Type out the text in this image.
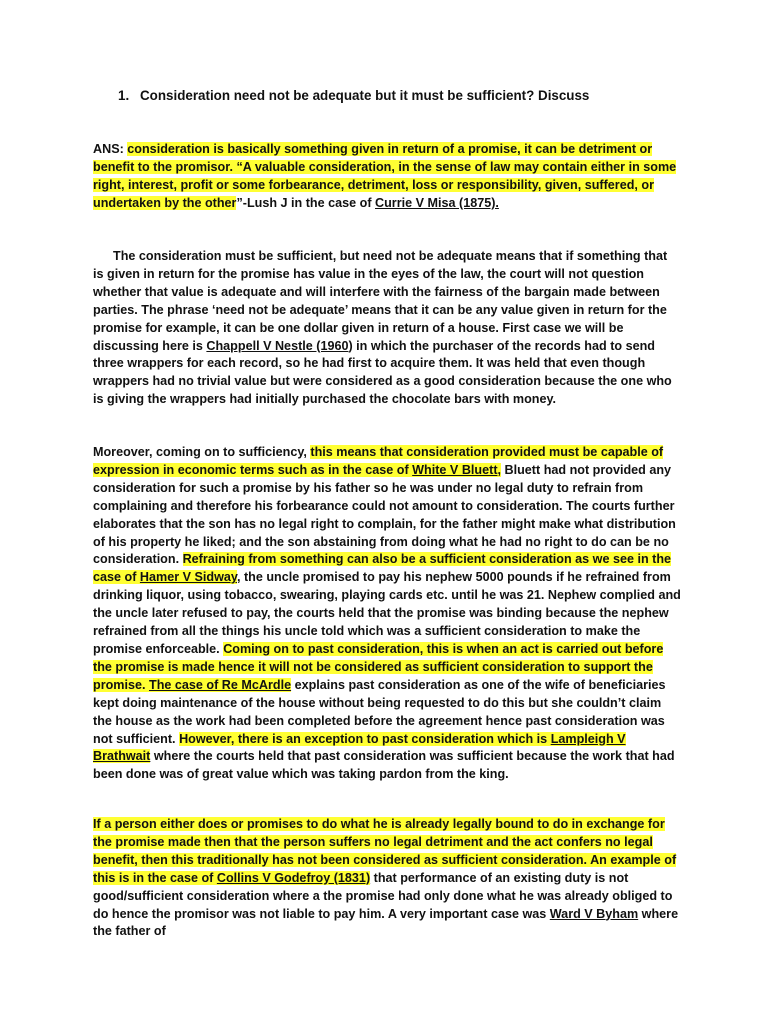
1. Consideration need not be adequate but it must be sufficient? Discuss
ANS: consideration is basically something given in return of a promise, it can be detriment or benefit to the promisor. “A valuable consideration, in the sense of law may contain either in some right, interest, profit or some forbearance, detriment, loss or responsibility, given, suffered, or undertaken by the other”-Lush J in the case of Currie V Misa (1875).
The consideration must be sufficient, but need not be adequate means that if something that is given in return for the promise has value in the eyes of the law, the court will not question whether that value is adequate and will interfere with the fairness of the bargain made between parties. The phrase ‘need not be adequate’ means that it can be any value given in return for the promise for example, it can be one dollar given in return of a house. First case we will be discussing here is Chappell V Nestle (1960) in which the purchaser of the records had to send three wrappers for each record, so he had first to acquire them. It was held that even though wrappers had no trivial value but were considered as a good consideration because the one who is giving the wrappers had initially purchased the chocolate bars with money.
Moreover, coming on to sufficiency, this means that consideration provided must be capable of expression in economic terms such as in the case of White V Bluett, Bluett had not provided any consideration for such a promise by his father so he was under no legal duty to refrain from complaining and therefore his forbearance could not amount to consideration. The courts further elaborates that the son has no legal right to complain, for the father might make what distribution of his property he liked; and the son abstaining from doing what he had no right to do can be no consideration. Refraining from something can also be a sufficient consideration as we see in the case of Hamer V Sidway, the uncle promised to pay his nephew 5000 pounds if he refrained from drinking liquor, using tobacco, swearing, playing cards etc. until he was 21. Nephew complied and the uncle later refused to pay, the courts held that the promise was binding because the nephew refrained from all the things his uncle told which was a sufficient consideration to make the promise enforceable. Coming on to past consideration, this is when an act is carried out before the promise is made hence it will not be considered as sufficient consideration to support the promise. The case of Re McArdle explains past consideration as one of the wife of beneficiaries kept doing maintenance of the house without being requested to do this but she couldn’t claim the house as the work had been completed before the agreement hence past consideration was not sufficient. However, there is an exception to past consideration which is Lampleigh V Brathwait where the courts held that past consideration was sufficient because the work that had been done was of great value which was taking pardon from the king.
If a person either does or promises to do what he is already legally bound to do in exchange for the promise made then that the person suffers no legal detriment and the act confers no legal benefit, then this traditionally has not been considered as sufficient consideration. An example of this is in the case of Collins V Godefroy (1831) that performance of an existing duty is not good/sufficient consideration where a the promise had only done what he was already obliged to do hence the promisor was not liable to pay him. A very important case was Ward V Byham where the father of
